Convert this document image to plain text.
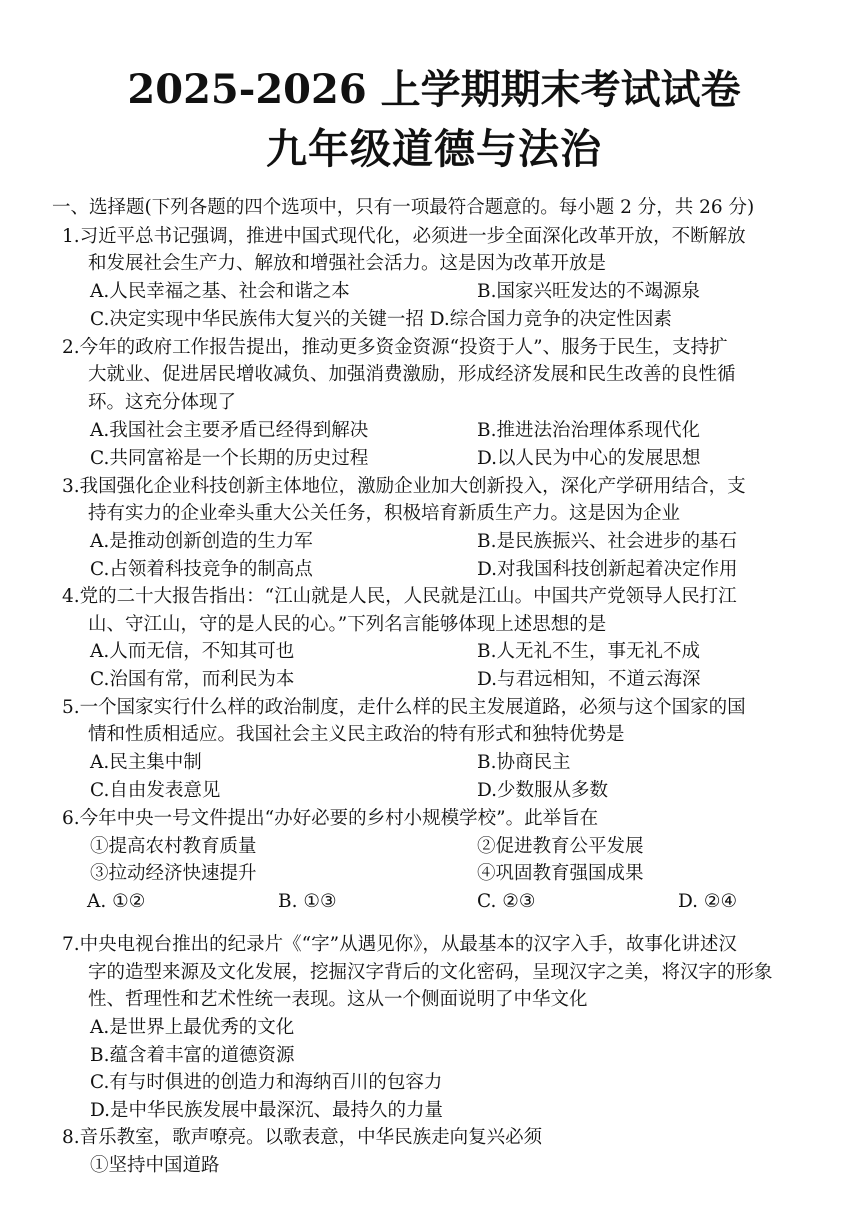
2025-2026 上学期期末考试试卷
九年级道德与法治
一、选择题(下列各题的四个选项中，只有一项最符合题意的。每小题 2 分，共 26 分)
1.习近平总书记强调，推进中国式现代化，必须进一步全面深化改革开放，不断解放
和发展社会生产力、解放和增强社会活力。这是因为改革开放是
A.人民幸福之基、社会和谐之本	B.国家兴旺发达的不竭源泉
C.决定实现中华民族伟大复兴的关键一招 D.综合国力竞争的决定性因素
2.今年的政府工作报告提出，推动更多资金资源“投资于人”、服务于民生，支持扩
大就业、促进居民增收减负、加强消费激励，形成经济发展和民生改善的良性循
环。这充分体现了
A.我国社会主要矛盾已经得到解决	B.推进法治治理体系现代化
C.共同富裕是一个长期的历史过程	D.以人民为中心的发展思想
3.我国强化企业科技创新主体地位，激励企业加大创新投入，深化产学研用结合，支
持有实力的企业牵头重大公关任务，积极培育新质生产力。这是因为企业
A.是推动创新创造的生力军	B.是民族振兴、社会进步的基石
C.占领着科技竞争的制高点	D.对我国科技创新起着决定作用
4.党的二十大报告指出：“江山就是人民，人民就是江山。中国共产党领导人民打江
山、守江山，守的是人民的心。”下列名言能够体现上述思想的是
A.人而无信，不知其可也	B.人无礼不生，事无礼不成
C.治国有常，而利民为本	D.与君远相知，不道云海深
5.一个国家实行什么样的政治制度，走什么样的民主发展道路，必须与这个国家的国
情和性质相适应。我国社会主义民主政治的特有形式和独特优势是
A.民主集中制	B.协商民主
C.自由发表意见	D.少数服从多数
6.今年中央一号文件提出“办好必要的乡村小规模学校”。此举旨在
①提高农村教育质量	②促进教育公平发展
③拉动经济快速提升	④巩固教育强国成果
A. ①②	B. ①③	C. ②③	D. ②④
7.中央电视台推出的纪录片《“字”从遇见你》，从最基本的汉字入手，故事化讲述汉
字的造型来源及文化发展，挖掘汉字背后的文化密码，呈现汉字之美，将汉字的形象
性、哲理性和艺术性统一表现。这从一个侧面说明了中华文化
A.是世界上最优秀的文化
B.蕴含着丰富的道德资源
C.有与时俱进的创造力和海纳百川的包容力
D.是中华民族发展中最深沉、最持久的力量
8.音乐教室，歌声嘹亮。以歌表意，中华民族走向复兴必须
①坚持中国道路
